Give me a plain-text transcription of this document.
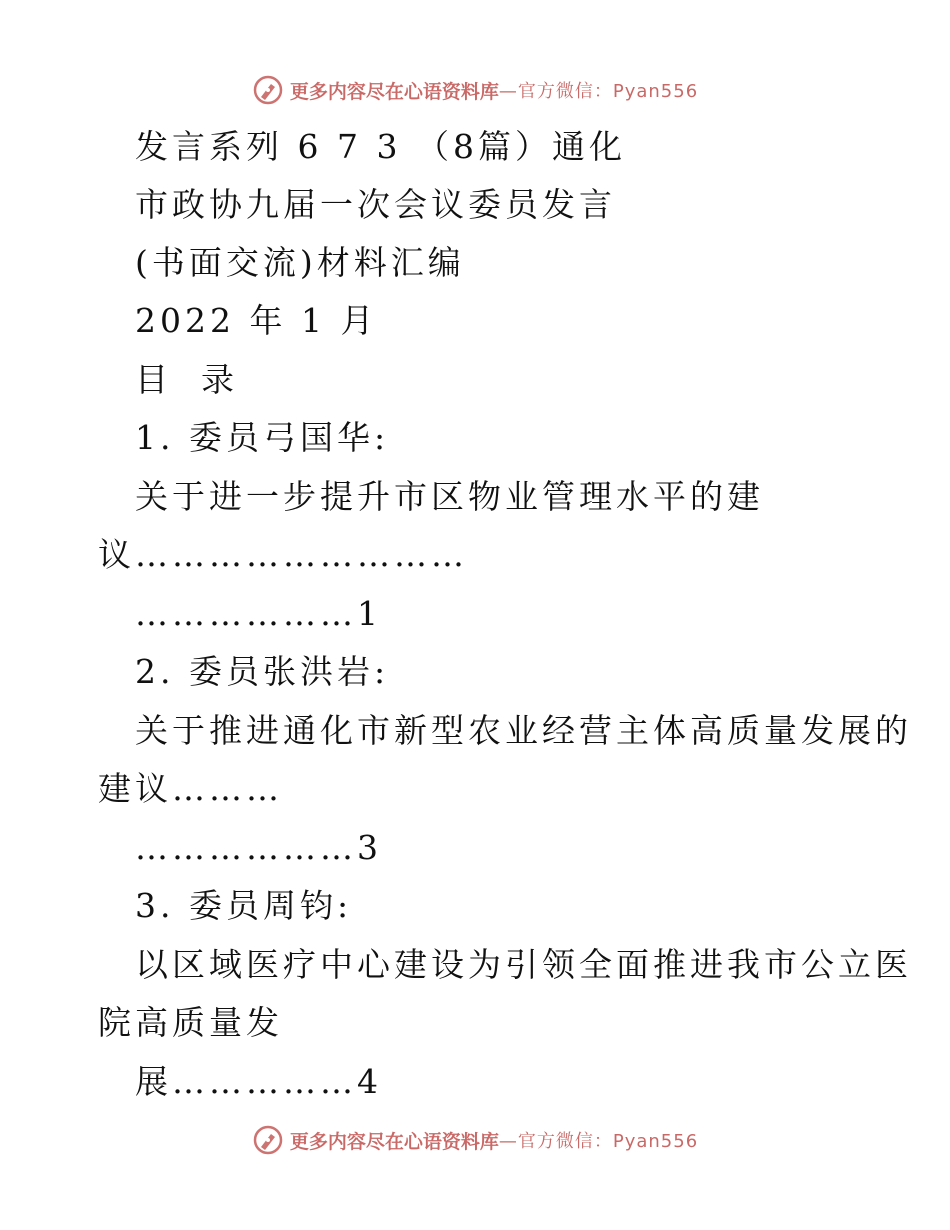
更多内容尽在心语资料库 —官方微信：Pyan556
发言系列 6 7 3 （8篇）通化
市政协九届一次会议委员发言
(书面交流)材料汇编
2022 年 1 月
目  录
1. 委员弓国华:
关于进一步提升市区物业管理水平的建
议………………………
………………1
2. 委员张洪岩:
关于推进通化市新型农业经营主体高质量发展的
建议………
………………3
3. 委员周钧:
以区域医疗中心建设为引领全面推进我市公立医
院高质量发
展……………4
更多内容尽在心语资料库 —官方微信：Pyan556
